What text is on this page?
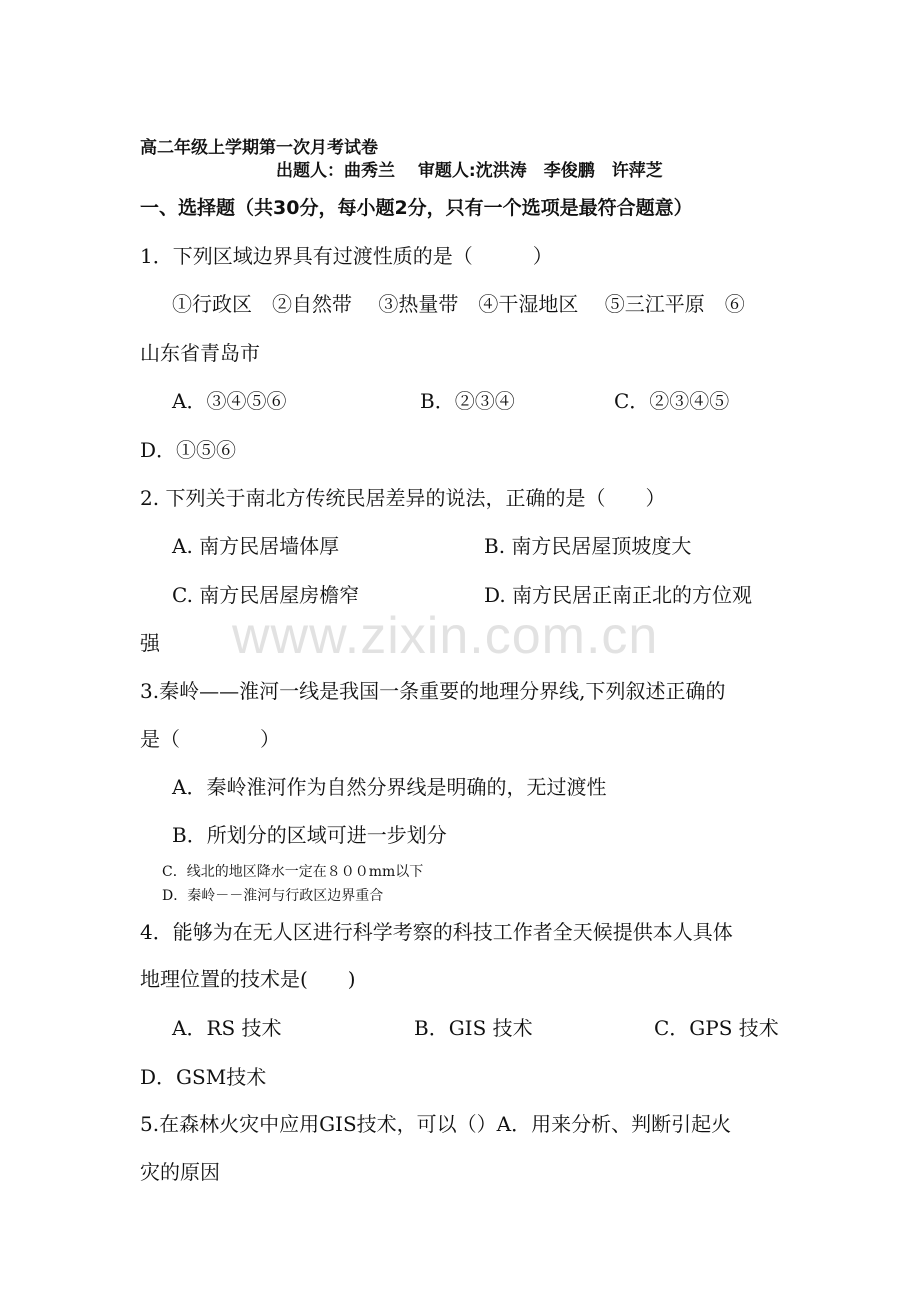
高二年级上学期第一次月考试卷
出题人：曲秀兰　 审题人:沈洪涛　李俊鹏　许萍芝
一、选择题（共30分，每小题2分，只有一个选项是最符合题意）
1．下列区域边界具有过渡性质的是（　　　）
①行政区　②自然带　 ③热量带　④干湿地区　 ⑤三江平原　⑥
山东省青岛市
A．③④⑤⑥	B．②③④	C．②③④⑤
D．①⑤⑥
2. 下列关于南北方传统民居差异的说法，正确的是（　　）
A. 南方民居墙体厚	B. 南方民居屋顶坡度大
C. 南方民居屋房檐窄	D. 南方民居正南正北的方位观
强
3.秦岭——淮河一线是我国一条重要的地理分界线,下列叙述正确的
是（　　　　）
A．秦岭淮河作为自然分界线是明确的，无过渡性
B．所划分的区域可进一步划分
C．线北的地区降水一定在８００mm以下
D．秦岭－－淮河与行政区边界重合
4．能够为在无人区进行科学考察的科技工作者全天候提供本人具体
地理位置的技术是(　　)
A．RS 技术	B．GIS 技术	C．GPS 技术
D．GSM技术
5.在森林火灾中应用GIS技术，可以（）A．用来分析、判断引起火
灾的原因
www.zixin.com.cn
